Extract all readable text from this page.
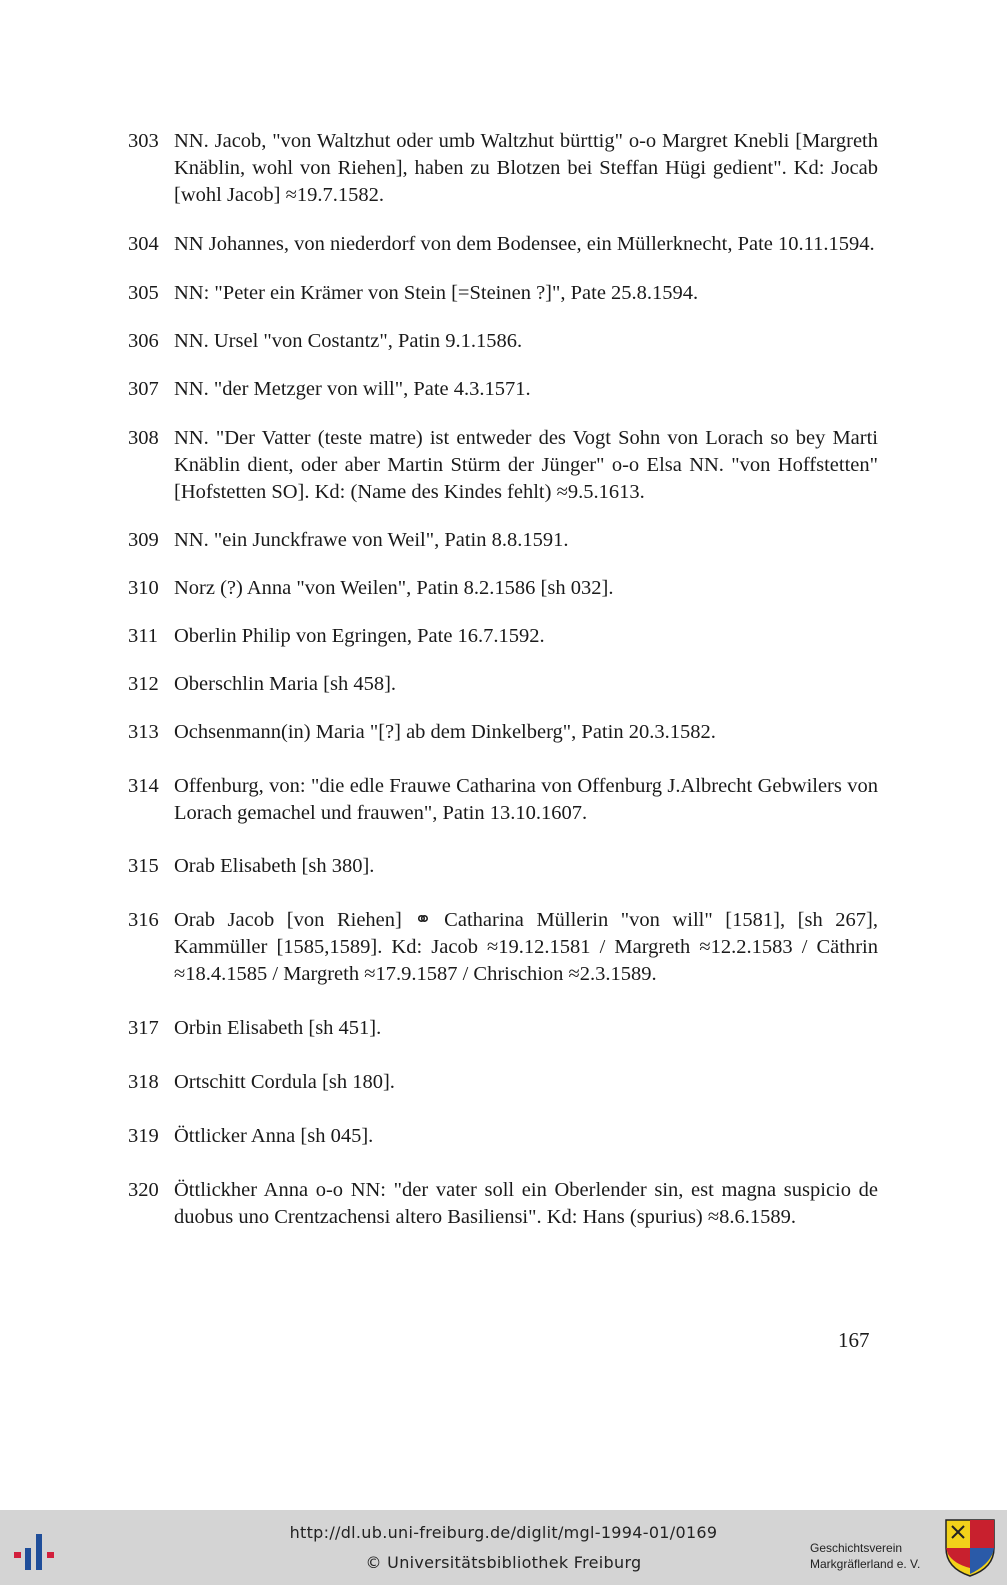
303 NN. Jacob, "von Waltzhut oder umb Waltzhut bürttig" o-o Margret Knebli [Margreth Knäblin, wohl von Riehen], haben zu Blotzen bei Steffan Hügi gedient". Kd: Jocab [wohl Jacob] ≈19.7.1582.
304 NN Johannes, von niederdorf von dem Bodensee, ein Müllerknecht, Pate 10.11.1594.
305 NN: "Peter ein Krämer von Stein [=Steinen ?]", Pate 25.8.1594.
306 NN. Ursel "von Costantz", Patin 9.1.1586.
307 NN. "der Metzger von will", Pate 4.3.1571.
308 NN. "Der Vatter (teste matre) ist entweder des Vogt Sohn von Lorach so bey Marti Knäblin dient, oder aber Martin Stürm der Jünger" o-o Elsa NN. "von Hoffstetten" [Hofstetten SO]. Kd: (Name des Kindes fehlt) ≈9.5.1613.
309 NN. "ein Junckfrawe von Weil", Patin 8.8.1591.
310 Norz (?) Anna "von Weilen", Patin 8.2.1586 [sh 032].
311 Oberlin Philip von Egringen, Pate 16.7.1592.
312 Oberschlin Maria [sh 458].
313 Ochsenmann(in) Maria "[?] ab dem Dinkelberg", Patin 20.3.1582.
314 Offenburg, von: "die edle Frauwe Catharina von Offenburg J.Albrecht Gebwilers von Lorach gemachel und frauwen", Patin 13.10.1607.
315 Orab Elisabeth [sh 380].
316 Orab Jacob [von Riehen] ⚭ Catharina Müllerin "von will" [1581], [sh 267], Kammüller [1585,1589]. Kd: Jacob ≈19.12.1581 / Margreth ≈12.2.1583 / Cäthrin ≈18.4.1585 / Margreth ≈17.9.1587 / Chrischion ≈2.3.1589.
317 Orbin Elisabeth [sh 451].
318 Ortschitt Cordula [sh 180].
319 Öttlicker Anna [sh 045].
320 Öttlickher Anna o-o NN: "der vater soll ein Oberlender sin, est magna suspicio de duobus uno Crentzachensi altero Basiliensi". Kd: Hans (spurius) ≈8.6.1589.
167
http://dl.ub.uni-freiburg.de/diglit/mgl-1994-01/0169
© Universitätsbibliothek Freiburg
Geschichtsverein
Markgräflerland e. V.
